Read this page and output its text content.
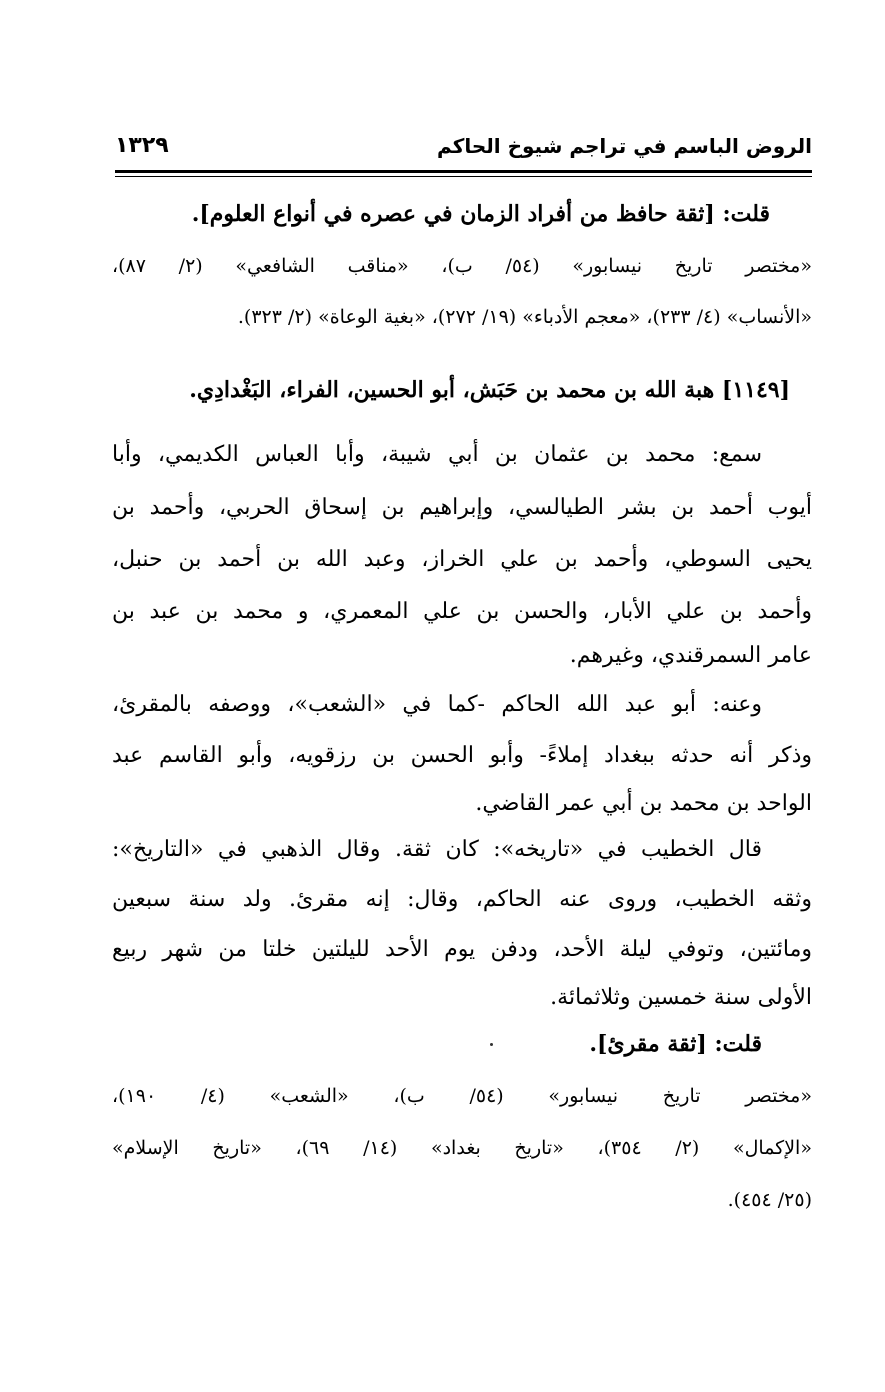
الروض الباسم في تراجم شيوخ الحاكم
١٣٢٩
قلت: [ثقة حافظ من أفراد الزمان في عصره في أنواع العلوم].
«مختصر تاريخ نيسابور» (٥٤/ ب)، «مناقب الشافعي» (٢/ ٨٧)،
«الأنساب» (٤/ ٢٣٣)، «معجم الأدباء» (١٩/ ٢٧٢)، «بغية الوعاة» (٢/ ٣٢٣).
[١١٤٩] هبة الله بن محمد بن حَبَش، أبو الحسين، الفراء، البَغْدادِي.
سمع: محمد بن عثمان بن أبي شيبة، وأبا العباس الكديمي، وأبا
أيوب أحمد بن بشر الطيالسي، وإبراهيم بن إسحاق الحربي، وأحمد بن
يحيى السوطي، وأحمد بن علي الخراز، وعبد الله بن أحمد بن حنبل،
وأحمد بن علي الأبار، والحسن بن علي المعمري، و محمد بن عبد بن
عامر السمرقندي، وغيرهم.
وعنه: أبو عبد الله الحاكم -كما في «الشعب»، ووصفه بالمقرئ،
وذكر أنه حدثه ببغداد إملاءً- وأبو الحسن بن رزقويه، وأبو القاسم عبد
الواحد بن محمد بن أبي عمر القاضي.
قال الخطيب في «تاريخه»: كان ثقة. وقال الذهبي في «التاريخ»:
وثقه الخطيب، وروى عنه الحاكم، وقال: إنه مقرئ. ولد سنة سبعين
ومائتين، وتوفي ليلة الأحد، ودفن يوم الأحد لليلتين خلتا من شهر ربيع
الأولى سنة خمسين وثلاثمائة.
قلت: [ثقة مقرئ].
«مختصر تاريخ نيسابور» (٥٤/ ب)، «الشعب» (٤/ ١٩٠)،
«الإكمال» (٢/ ٣٥٤)، «تاريخ بغداد» (١٤/ ٦٩)، «تاريخ الإسلام»
(٢٥/ ٤٥٤).
